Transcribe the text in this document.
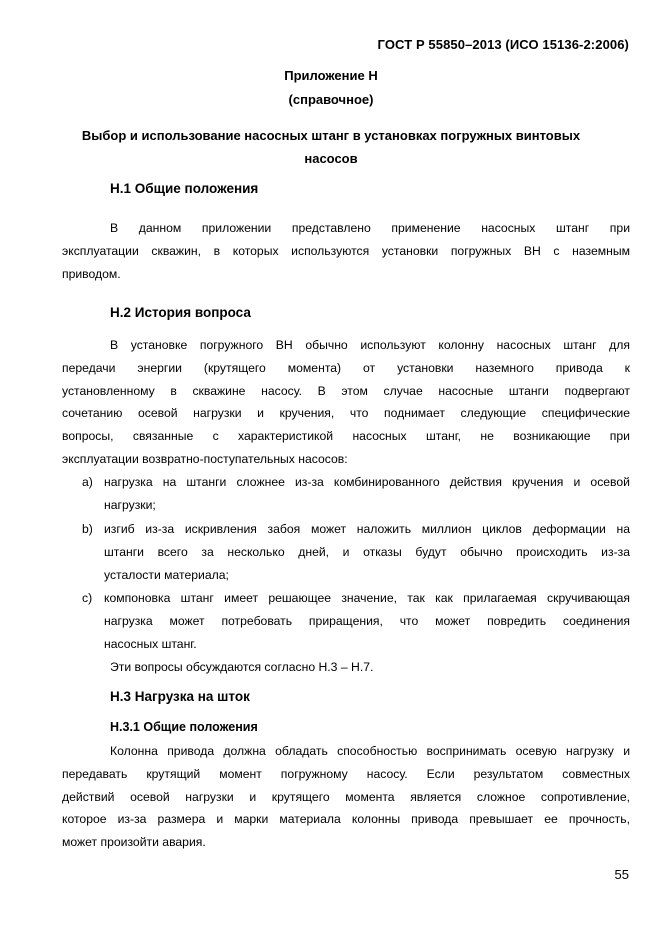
ГОСТ Р 55850–2013 (ИСО 15136-2:2006)
Приложение Н
(справочное)
Выбор и использование насосных штанг в установках погружных винтовых
насосов
Н.1 Общие положения
В данном приложении представлено применение насосных штанг при
эксплуатации скважин, в которых используются установки погружных ВН с наземным
приводом.
Н.2 История вопроса
В установке погружного ВН обычно используют колонну насосных штанг для
передачи энергии (крутящего момента) от установки наземного привода к
установленному в скважине насосу. В этом случае насосные штанги подвергают
сочетанию осевой нагрузки и кручения, что поднимает следующие специфические
вопросы, связанные с характеристикой насосных штанг, не возникающие при
эксплуатации возвратно-поступательных насосов:
а) нагрузка на штанги сложнее из-за комбинированного действия кручения и осевой
нагрузки;
b) изгиб из-за искривления забоя может наложить миллион циклов деформации на
штанги всего за несколько дней, и отказы будут обычно происходить из-за
усталости материала;
с) компоновка штанг имеет решающее значение, так как прилагаемая скручивающая
нагрузка может потребовать приращения, что может повредить соединения
насосных штанг.
Эти вопросы обсуждаются согласно Н.3 – Н.7.
Н.3 Нагрузка на шток
Н.3.1 Общие положения
Колонна привода должна обладать способностью воспринимать осевую нагрузку и
передавать крутящий момент погружному насосу. Если результатом совместных
действий осевой нагрузки и крутящего момента является сложное сопротивление,
которое из-за размера и марки материала колонны привода превышает ее прочность,
может произойти авария.
55
